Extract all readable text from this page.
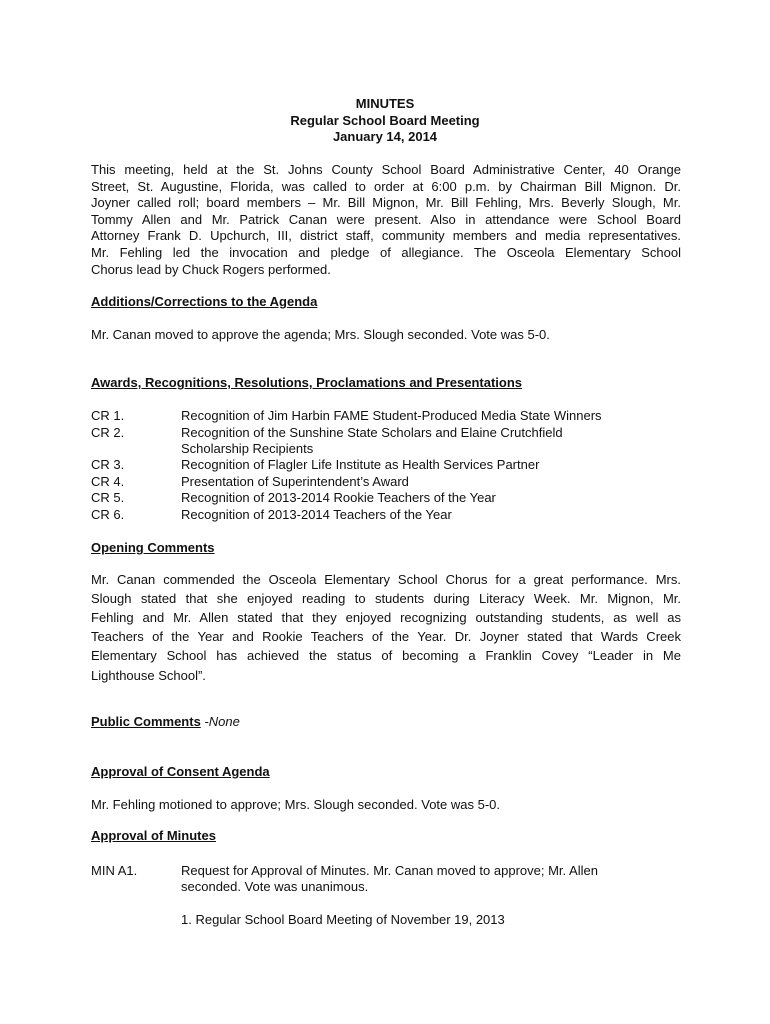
MINUTES
Regular School Board Meeting
January 14, 2014
This meeting, held at the St. Johns County School Board Administrative Center, 40 Orange
Street, St. Augustine, Florida, was called to order at 6:00 p.m. by Chairman Bill Mignon. Dr.
Joyner called roll; board members – Mr. Bill Mignon, Mr. Bill Fehling, Mrs. Beverly Slough, Mr.
Tommy Allen and Mr. Patrick Canan were present. Also in attendance were School Board
Attorney Frank D. Upchurch, III, district staff, community members and media representatives.
Mr. Fehling led the invocation and pledge of allegiance. The Osceola Elementary School
Chorus lead by Chuck Rogers performed.
Additions/Corrections to the Agenda
Mr. Canan moved to approve the agenda; Mrs. Slough seconded. Vote was 5-0.
Awards, Recognitions, Resolutions, Proclamations and Presentations
CR 1.	Recognition of Jim Harbin FAME Student-Produced Media State Winners
CR 2.	Recognition of the Sunshine State Scholars and Elaine Crutchfield
Scholarship Recipients
CR 3.	Recognition of Flagler Life Institute as Health Services Partner
CR 4.	Presentation of Superintendent’s Award
CR 5.	Recognition of 2013-2014 Rookie Teachers of the Year
CR 6.	Recognition of 2013-2014 Teachers of the Year
Opening Comments
Mr. Canan commended the Osceola Elementary School Chorus for a great performance. Mrs.
Slough stated that she enjoyed reading to students during Literacy Week. Mr. Mignon, Mr.
Fehling and Mr. Allen stated that they enjoyed recognizing outstanding students, as well as
Teachers of the Year and Rookie Teachers of the Year. Dr. Joyner stated that Wards Creek
Elementary School has achieved the status of becoming a Franklin Covey “Leader in Me
Lighthouse School”.
Public Comments -None
Approval of Consent Agenda
Mr. Fehling motioned to approve; Mrs. Slough seconded. Vote was 5-0.
Approval of Minutes
MIN A1.	Request for Approval of Minutes. Mr. Canan moved to approve; Mr. Allen
seconded. Vote was unanimous.
1. Regular School Board Meeting of November 19, 2013
